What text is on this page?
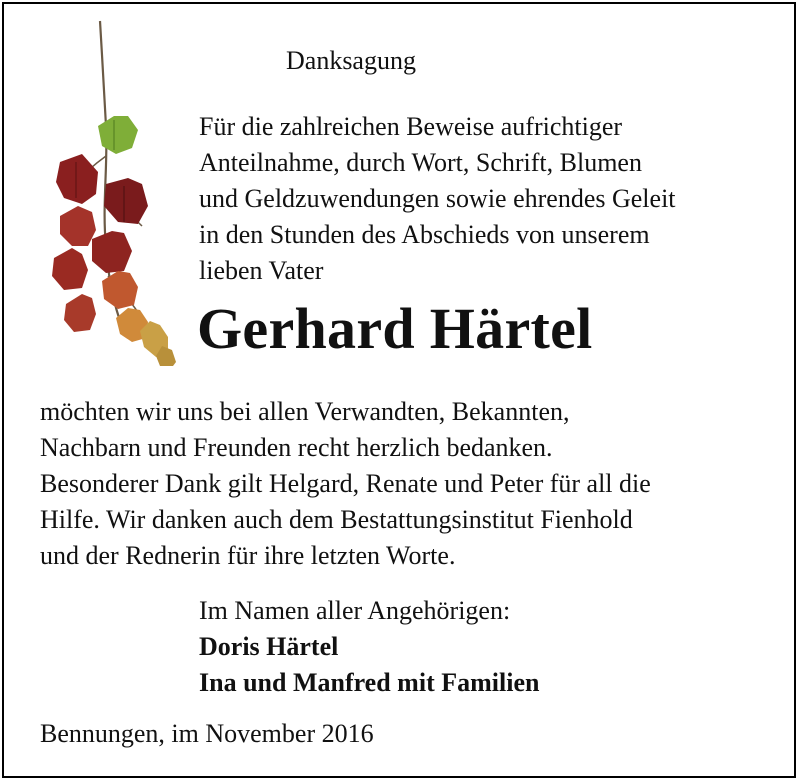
Danksagung

Für die zahlreichen Beweise aufrichtiger
Anteilnahme, durch Wort, Schrift, Blumen
und Geldzuwendungen sowie ehrendes Geleit
in den Stunden des Abschieds von unserem
lieben Vater

Gerhard Härtel

möchten wir uns bei allen Verwandten, Bekannten,
Nachbarn und Freunden recht herzlich bedanken.
Besonderer Dank gilt Helgard, Renate und Peter für all die
Hilfe. Wir danken auch dem Bestattungsinstitut Fienhold
und der Rednerin für ihre letzten Worte.

Im Namen aller Angehörigen:

Doris Härtel
Ina und Manfred mit Familien

Bennungen, im November 2016
